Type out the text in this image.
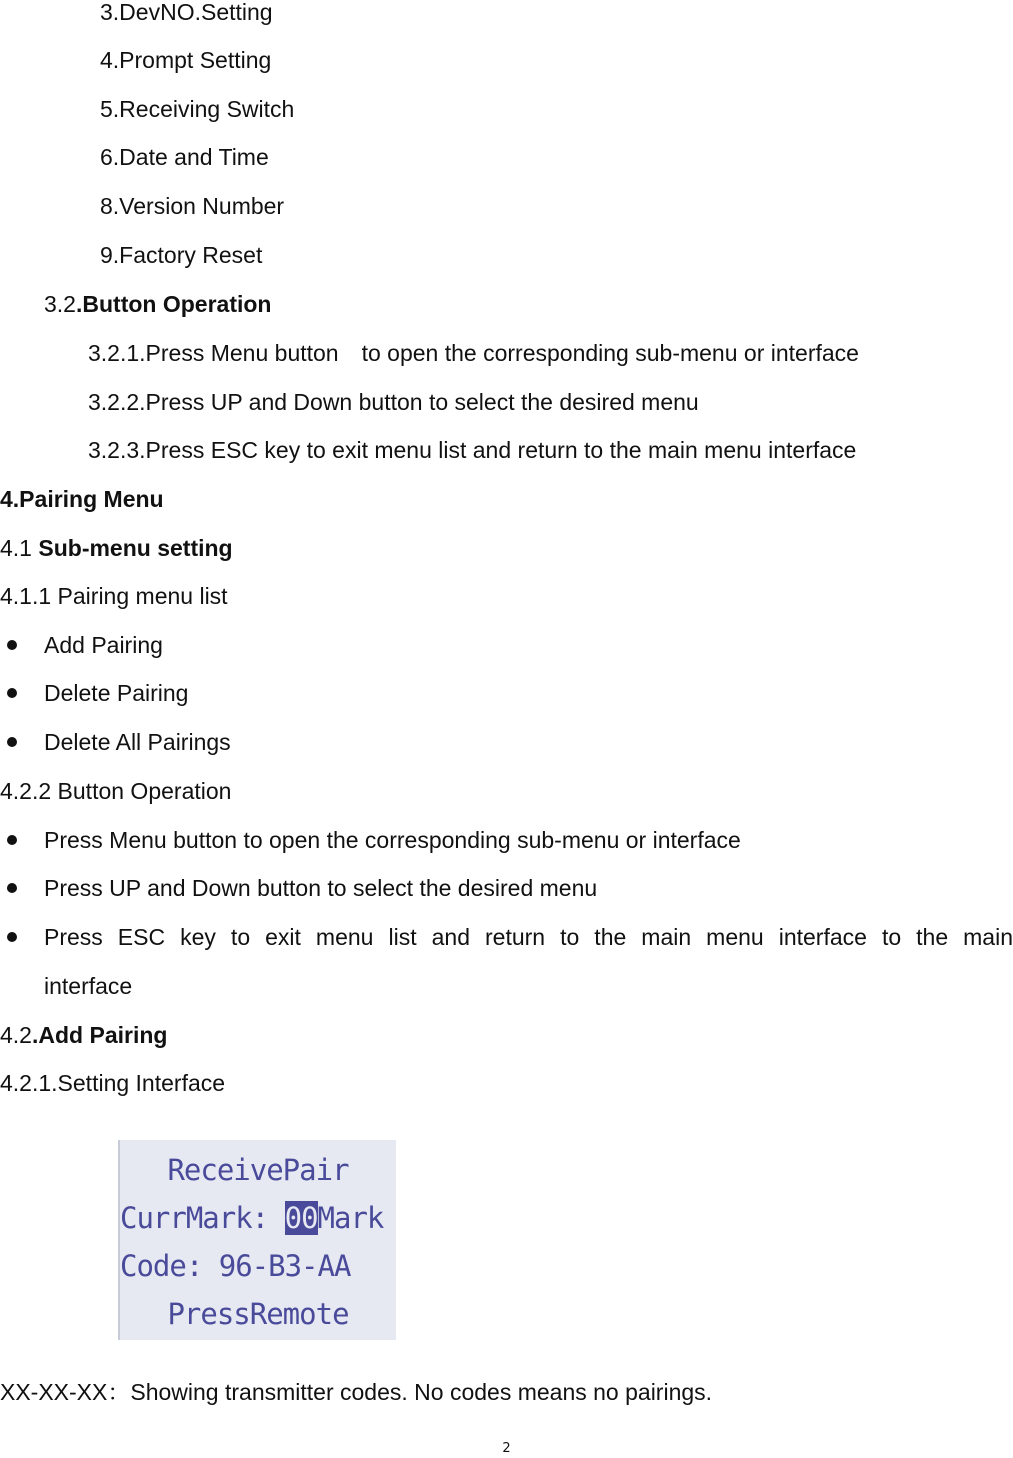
3.DevNO.Setting
4.Prompt Setting
5.Receiving Switch
6.Date and Time
8.Version Number
9.Factory Reset
3.2.Button Operation
3.2.1.Press Menu button　to open the corresponding sub-menu or interface
3.2.2.Press UP and Down button to select the desired menu
3.2.3.Press ESC key to exit menu list and return to the main menu interface
4.Pairing Menu
4.1 Sub-menu setting
4.1.1 Pairing menu list
Add Pairing
Delete Pairing
Delete All Pairings
4.2.2 Button Operation
Press Menu button to open the corresponding sub-menu or interface
Press UP and Down button to select the desired menu
Press ESC key to exit menu list and return to the main menu interface to the main
interface
4.2.Add Pairing
4.2.1.Setting Interface
ReceivePair
CurrMark: 00Mark
Code: 96-B3-AA
PressRemote
XX-XX-XX：Showing transmitter codes. No codes means no pairings.
2
